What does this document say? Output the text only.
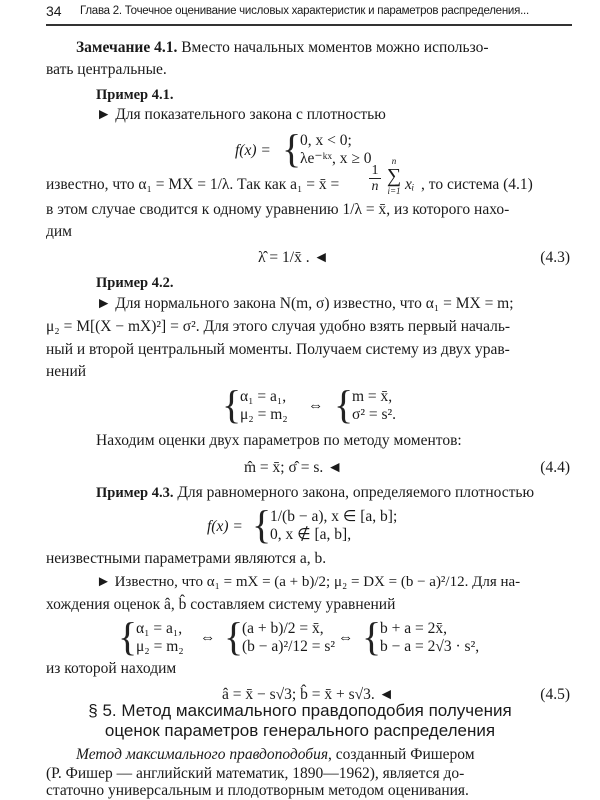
34 Глава 2. Точечное оценивание числовых характеристик и параметров распределения...
Замечание 4.1. Вместо начальных моментов можно использо-
вать центральные.
Пример 4.1.
► Для показательного закона с плотностью
f(x) = {
0, x < 0;
λe⁻ᵏˣ, x ≥ 0
известно, что α₁ = MX = 1/λ. Так как a₁ = x̄ = $\frac{1}{n}$
n
∑
i=1 xᵢ , то система (4.1)
в этом случае сводится к одному уравнению 1/λ = x̄, из которого нахо-
дим
λ̂ = 1/x̄ . ◄	(4.3)
Пример 4.2.
► Для нормального закона N(m, σ) известно, что α₁ = MX = m;
μ₂ = M[(X − mX)²] = σ². Для этого случая удобно взять первый началь-
ный и второй центральный моменты. Получаем систему из двух урав-
нений
{
α₁ = a₁,
μ₂ = m₂
⇔ {
m = x̄,
σ² = s².
Находим оценки двух параметров по методу моментов:
m̂ = x̄; σ̂ = s. ◄	(4.4)
Пример 4.3. Для равномерного закона, определяемого плотностью
f(x) = {
1/(b − a), x ∈ [a, b];
0, x ∉ [a, b],
неизвестными параметрами являются a, b.
► Известно, что α₁ = mX = (a + b)/2; μ₂ = DX = (b − a)²/12. Для на-
хождения оценок â, b̂ составляем систему уравнений
{
α₁ = a₁,
μ₂ = m₂
⇔ {
(a + b)/2 = x̄,
(b − a)²/12 = s²
⇔ {
b + a = 2x̄,
b − a = 2√3 · s²,
из которой находим
â = x̄ − s√3; b̂ = x̄ + s√3. ◄	(4.5)
§ 5. Метод максимального правдоподобия получения
оценок параметров генерального распределения
Метод максимального правдоподобия, созданный Фишером
(Р. Фишер — английский математик, 1890—1962), является до-
статочно универсальным и плодотворным методом оценивания.
